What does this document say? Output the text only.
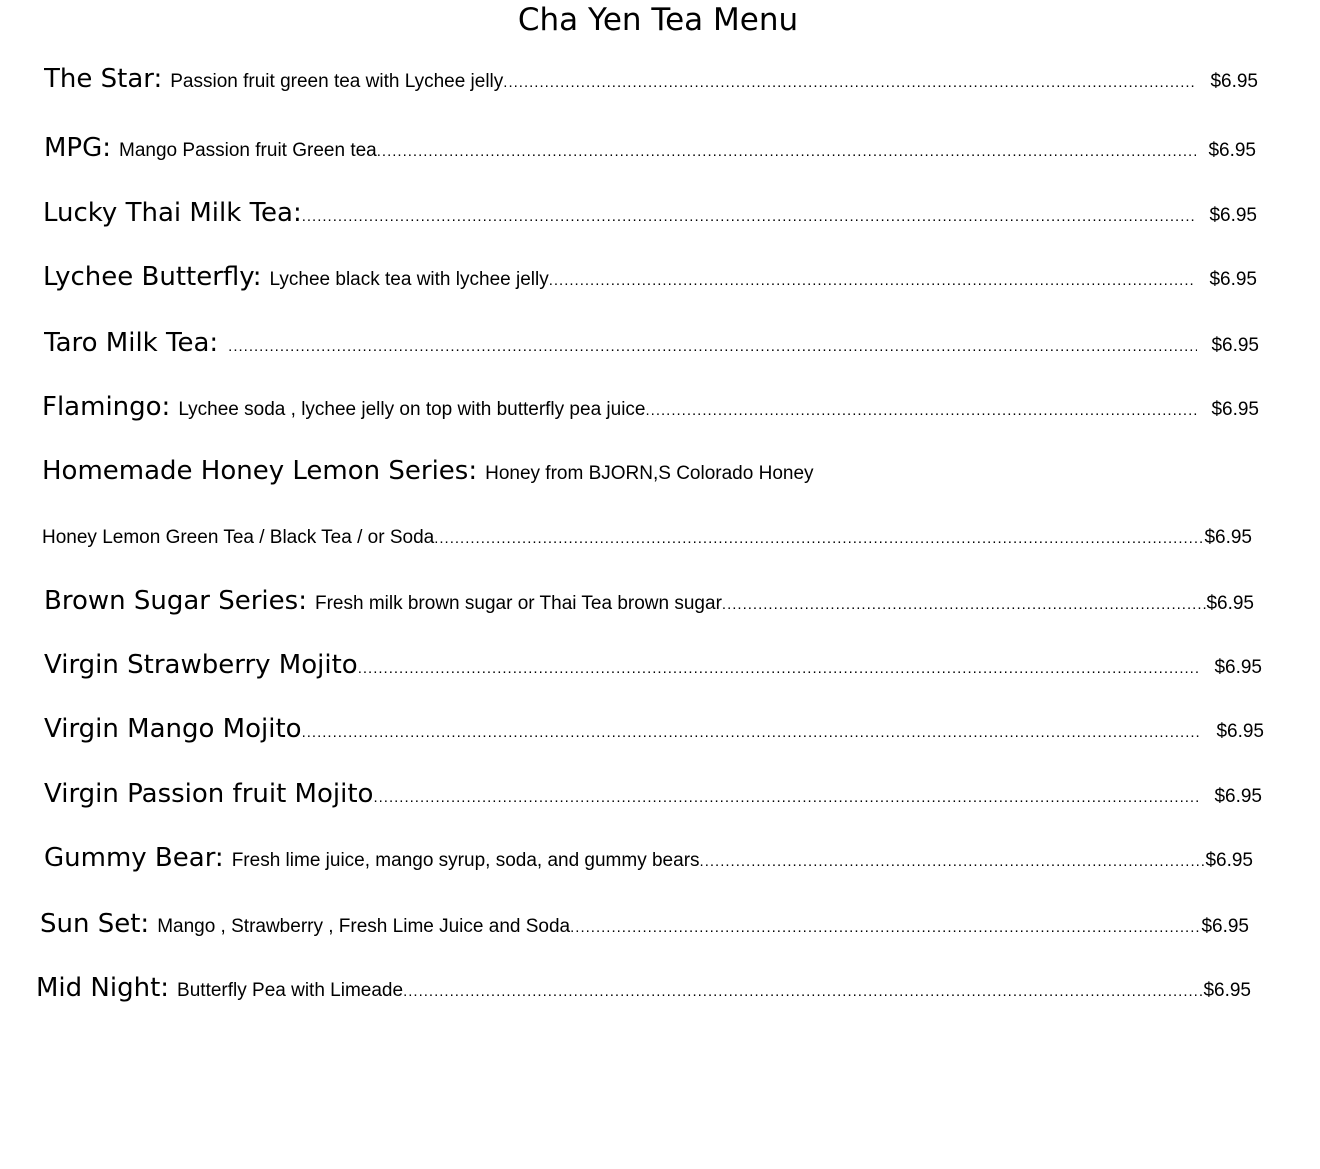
Cha Yen Tea Menu
The Star: Passion fruit green tea with Lychee jelly .....	$6.95
MPG: Mango Passion fruit Green tea .....	$6.95
Lucky Thai Milk Tea: .....	$6.95
Lychee Butterfly: Lychee black tea with lychee jelly .....	$6.95
Taro Milk Tea: .....	$6.95
Flamingo: Lychee soda , lychee jelly on top with butterfly pea juice .....	$6.95
Homemade Honey Lemon Series: Honey from BJORN,S Colorado Honey
Honey Lemon Green Tea / Black Tea / or Soda .....	$6.95
Brown Sugar Series: Fresh milk brown sugar or Thai Tea brown sugar .....	$6.95
Virgin Strawberry Mojito .....	$6.95
Virgin Mango Mojito .....	$6.95
Virgin Passion fruit Mojito .....	$6.95
Gummy Bear: Fresh lime juice, mango syrup, soda, and gummy bears .....	$6.95
Sun Set: Mango , Strawberry , Fresh Lime Juice and Soda .....	$6.95
Mid Night: Butterfly Pea with Limeade .....	$6.95
